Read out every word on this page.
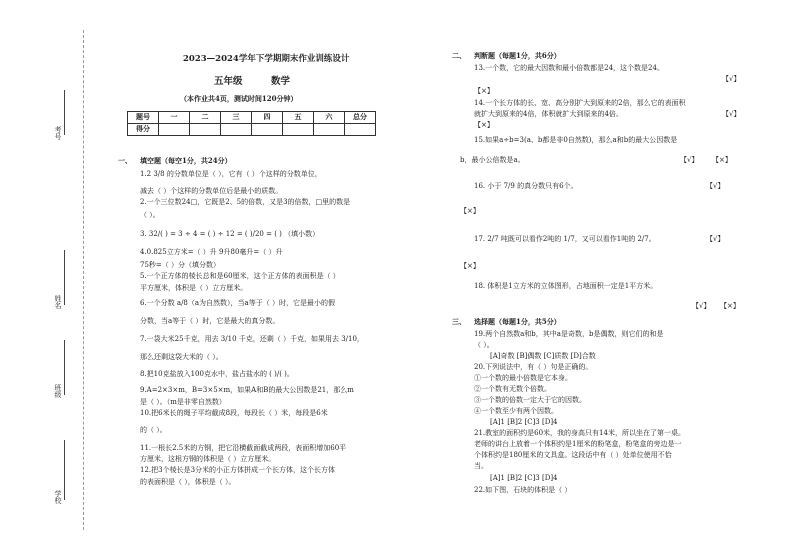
考号
姓名
班级
学校
2023—2024学年下学期期末作业训练设计
五年级	数学
（本作业共4页，测试时间120分钟）
题号	一	二	三	四	五	六	总分
得分							
一、 填空题（每空1分，共24分）
1.2 3/8 的分数单位是（ ），它有（ ）个这样的分数单位，
减去（ ）个这样的分数单位后是最小的质数。
2.一个三位数24□，它既是2、5的倍数，又是3的倍数，□里的数是
（ ）。
3. 32/( ) = 3 ÷ 4 = ( ) ÷ 12 = ( )/20 = ( ) （填小数）
4.0.825立方米=（ ）升 9升80毫升=（ ）升
75秒=（ ）分（填分数）
5.一个正方体的棱长总和是60厘米，这个正方体的表面积是（ ）
平方厘米，体积是（ ）立方厘米。
6.一个分数 a/8（a为自然数），当a等于（ ）时，它是最小的假
分数，当a等于（ ）时，它是最大的真分数。
7.一袋大米25千克，用去 3/10 千克，还剩（ ）千克，如果用去 3/10，
那么还剩这袋大米的（ ）。
8.把10克盐放入100克水中，盐占盐水的 ( )/( )。
9.A=2×3×m，B=3×5×m，如果A和B的最大公因数是21，那么m
是（ ）。（m是非零自然数）
10.把6米长的绳子平均截成8段，每段长（ ）米，每段是6米
的（ ）。
11.一根长2.5米的方钢，把它沿横截面截成两段，表面积增加60平
方厘米，这根方钢的体积是（ ）立方厘米。
12.把3个棱长是3分米的小正方体拼成一个长方体，这个长方体
的表面积是（ ），体积是（ ）。
二、 判断题（每题1分，共6分）
13.一个数，它的最大因数和最小倍数都是24，这个数是24。
【√】
【×】
14.一个长方体的长、宽、高分别扩大到原来的2倍，那么它的表面积
就扩大到原来的4倍，体积就扩大到原来的4倍。	【√】
【×】
15.如果a÷b=3(a、b都是非0自然数)，那么a和b的最大公因数是
b，最小公倍数是a。	【√】 【×】
16. 小于 7/9 的真分数只有6个。	【√】
【×】
17. 2/7 吨既可以看作2吨的 1/7，又可以看作1吨的 2/7。	【√】
【×】
18. 体积是1立方米的立体图形，占地面积一定是1平方米。
【√】 【×】
三、 选择题（每题1分，共5分）
19.两个自然数a和b，其中a是奇数，b是偶数，则它们的和是
（ ）。
[A]奇数 [B]偶数 [C]质数 [D]合数
20.下列说法中，有（ ）句是正确的。
①一个数的最小倍数是它本身。
②一个数有无数个倍数。
③一个数的倍数一定大于它的因数。
④一个数至少有两个因数。
[A]1 [B]2 [C]3 [D]4
21.教室的面积约是60米，我的身高只有14米，所以坐在了第一桌。
老师的讲台上放着一个体积约是1厘米的粉笔盒，粉笔盒的旁边是一
个体积约是180厘米的文具盒。这段话中有（ ）处单位使用不恰
当。
[A]1 [B]2 [C]3 [D]4
22.如下图，石块的体积是（ ）
